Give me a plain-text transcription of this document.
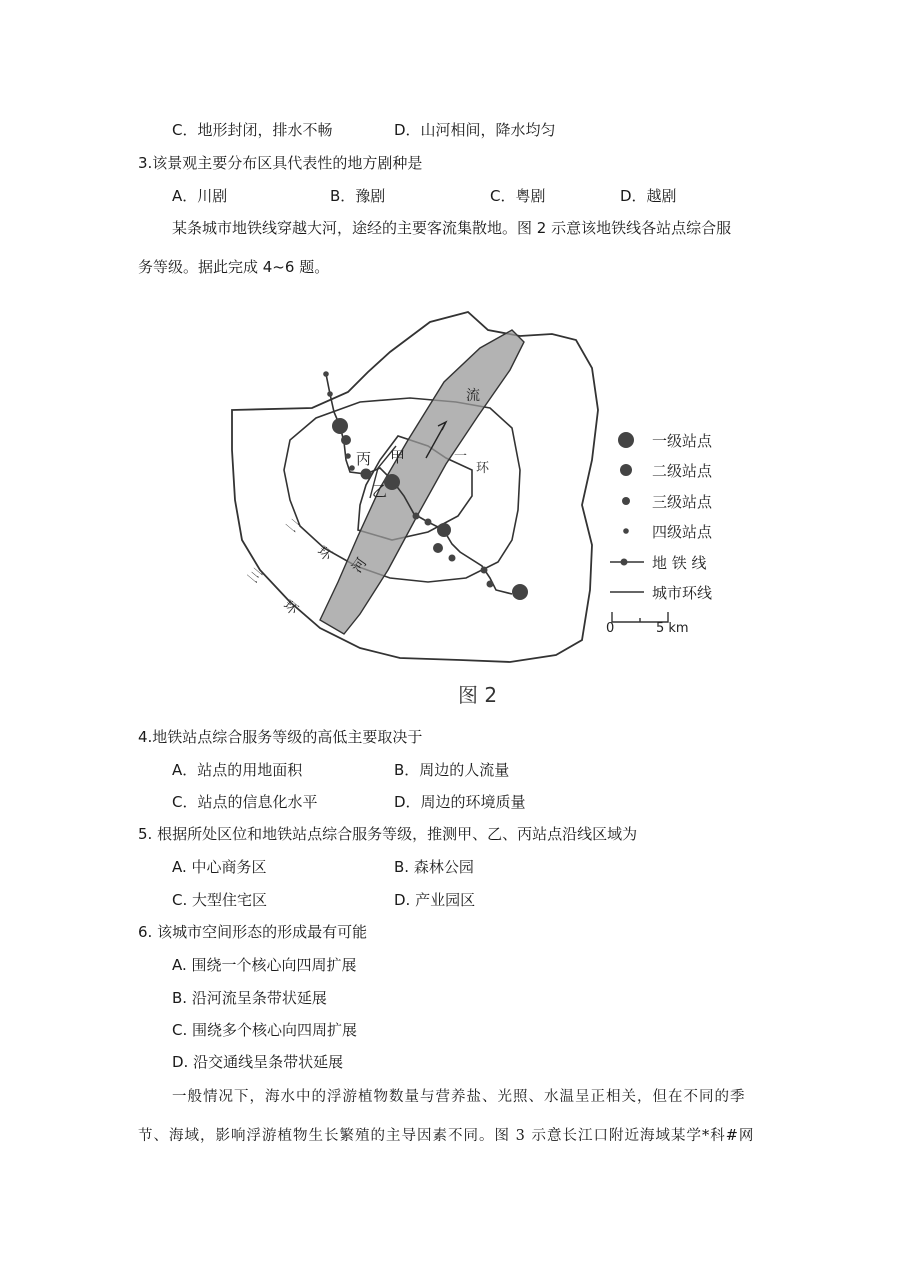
C．地形封闭，排水不畅	D．山河相间，降水均匀
3.该景观主要分布区具代表性的地方剧种是
A．川剧	B．豫剧	C．粤剧	D．越剧
某条城市地铁线穿越大河，途经的主要客流集散地。图 2 示意该地铁线各站点综合服
务等级。据此完成 4~6 题。
丙 甲
乙
一
环
二
环
三
环
河
流
一级站点
二级站点
三级站点
四级站点
地 铁 线
城市环线
0	5 km
图 2
4.地铁站点综合服务等级的高低主要取决于
A．站点的用地面积	B．周边的人流量
C．站点的信息化水平	D．周边的环境质量
5. 根据所处区位和地铁站点综合服务等级，推测甲、乙、丙站点沿线区域为
A. 中心商务区	B. 森林公园
C. 大型住宅区	D. 产业园区
6. 该城市空间形态的形成最有可能
A. 围绕一个核心向四周扩展
B. 沿河流呈条带状延展
C. 围绕多个核心向四周扩展
D. 沿交通线呈条带状延展
一般情况下，海水中的浮游植物数量与营养盐、光照、水温呈正相关，但在不同的季
节、海域，影响浮游植物生长繁殖的主导因素不同。图 3 示意长江口附近海域某学*科#网
